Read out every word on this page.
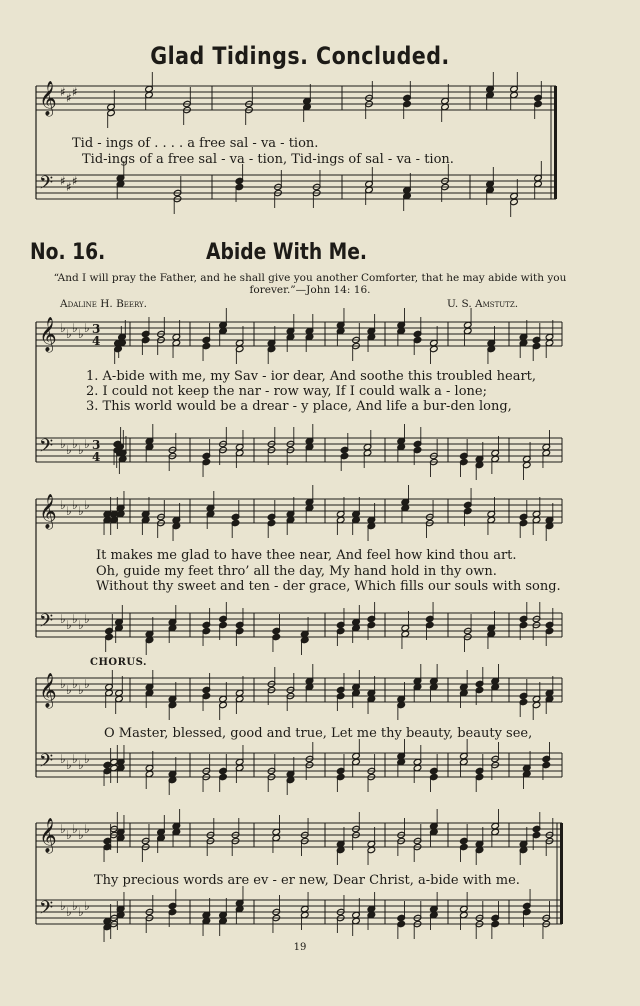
Glad Tidings. Concluded.
Tid - ings of . . . . a free sal - va - tion.
Tid-ings of a free sal - va - tion, Tid-ings of sal - va - tion.
No. 16.	Abide With Me.
“And I will pray the Father, and he shall give you another Comforter, that he may abide with you forever.”—John 14: 16.
Adaline H. Beery.	U. S. Amstutz.
1. A-bide with me, my Sav - ior dear, And soothe this troubled heart,
2. I could not keep the nar - row way, If I could walk a - lone;
3. This world would be a drear - y place, And life a bur-den long,
It makes me glad to have thee near, And feel how kind thou art.
Oh, guide my feet thro’ all the day, My hand hold in thy own.
Without thy sweet and ten - der grace, Which fills our souls with song.
CHORUS.
O Master, blessed, good and true, Let me thy beauty, beauty see,
Thy precious words are ev - er new, Dear Christ, a-bide with me.
19
𝄞 ♯ ♯ ♯
𝄢 ♯ ♯ ♯
𝄞 ♭ ♭ ♭ ♭ ♭ 3
4
𝄢 ♭ ♭ ♭ ♭ ♭ 3
4
𝄞 ♭ ♭ ♭ ♭ ♭
𝄢 ♭ ♭ ♭ ♭ ♭
𝄞 ♭ ♭ ♭ ♭ ♭
𝄢 ♭ ♭ ♭ ♭ ♭
𝄞 ♭ ♭ ♭ ♭ ♭
𝄢 ♭ ♭ ♭ ♭ ♭
